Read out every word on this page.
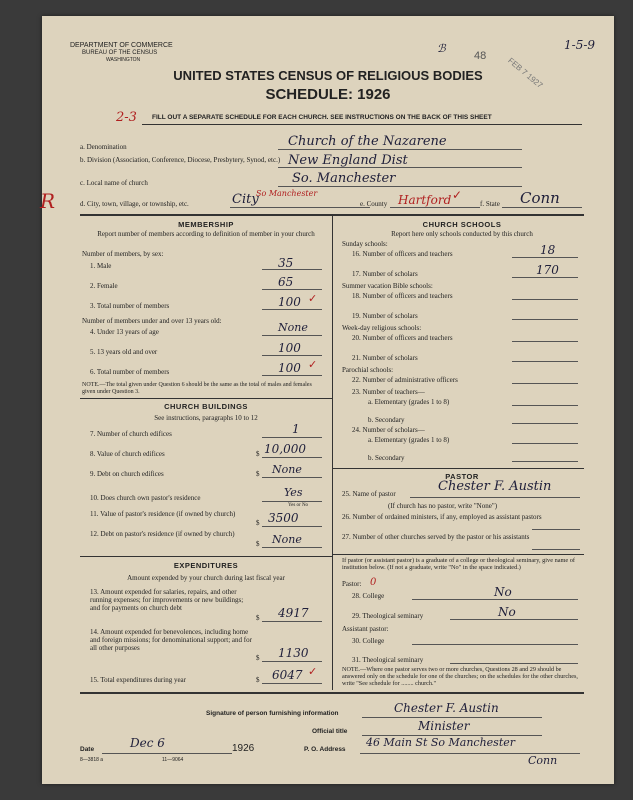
DEPARTMENT OF COMMERCE
BUREAU OF THE CENSUS
WASHINGTON
ℬ
48 FEB 7 1927
1-5-9
UNITED STATES CENSUS OF RELIGIOUS BODIES
SCHEDULE: 1926
2-3 FILL OUT A SEPARATE SCHEDULE FOR EACH CHURCH. SEE INSTRUCTIONS ON THE BACK OF THIS SHEET
a. Denomination	Church of the Nazarene
b. Division (Association, Conference, Diocese, Presbytery, Synod, etc.) New England Dist
c. Local name of church	So. Manchester
R	d. City, town, village, or township, etc.	City
So Manchester
e. County Hartford ✓
f. State Conn
MEMBERSHIP
Report number of members according to definition of member in your church
Number of members, by sex:
1. Male	35
2. Female	65
3. Total number of members	100 ✓
Number of members under and over 13 years old:
4. Under 13 years of age	None
5. 13 years old and over	100
6. Total number of members	100 ✓
NOTE.—The total given under Question 6 should be the same as the total of males and females given under Question 3.
CHURCH BUILDINGS
See instructions, paragraphs 10 to 12
7. Number of church edifices	1
8. Value of church edifices	$ 10,000
9. Debt on church edifices	$ None
10. Does church own pastor's residence	Yes
Yes or No
11. Value of pastor's residence (if owned by church)
$ 3500
12. Debt on pastor's residence (if owned by church)
$ None
EXPENDITURES
Amount expended by your church during last fiscal year
13. Amount expended for salaries, repairs, and other running expenses; for improvements or new buildings; and for payments on church debt
$ 4917
14. Amount expended for benevolences, including home and foreign missions; for denominational support; and for all other purposes
$ 1130
15. Total expenditures during year	$ 6047 ✓
CHURCH SCHOOLS
Report here only schools conducted by this church
Sunday schools:
16. Number of officers and teachers	18
17. Number of scholars	170
Summer vacation Bible schools:
18. Number of officers and teachers
19. Number of scholars
Week-day religious schools:
20. Number of officers and teachers
21. Number of scholars
Parochial schools:
22. Number of administrative officers
23. Number of teachers—
a. Elementary (grades 1 to 8)
b. Secondary
24. Number of scholars—
a. Elementary (grades 1 to 8)
b. Secondary
PASTOR
25. Name of pastor	Chester F. Austin
(If church has no pastor, write "None")
26. Number of ordained ministers, if any, employed as assistant pastors
27. Number of other churches served by the pastor or his assistants
If pastor (or assistant pastor) is a graduate of a college or theological seminary, give name of institution below. (If not a graduate, write "No" in the space indicated.)
Pastor: 0
28. College	No
29. Theological seminary	No
Assistant pastor:
30. College
31. Theological seminary
NOTE.—Where one pastor serves two or more churches, Questions 28 and 29 should be answered only on the schedule for one of the churches; on the schedules for the other churches, write "See schedule for ........ church."
Signature of person furnishing information	Chester F. Austin
Official title	Minister
Date	Dec 6	1926
8—3818 a	11—9064
P. O. Address
46 Main St So Manchester
Conn
